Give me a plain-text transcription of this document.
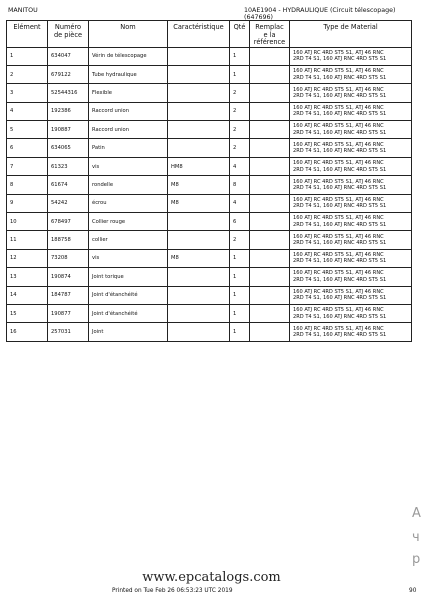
MANITOU	10AE1904 - HYDRAULIQUE (Circuit télescopage) (647696)
Elément	Numéro de pièce	Nom	Caractéristique	Qté	Remplac e la référence	Type de Material
1	634047	Vérin de télescopage		1		160 ATJ RC 4RD ST5 S1, ATJ 46 RNC
2RD T4 S1, 160 ATJ RNC 4RD ST5 S1

2	679122	Tube hydraulique		1		160 ATJ RC 4RD ST5 S1, ATJ 46 RNC
2RD T4 S1, 160 ATJ RNC 4RD ST5 S1

3	52544316	Flexible		2		160 ATJ RC 4RD ST5 S1, ATJ 46 RNC
2RD T4 S1, 160 ATJ RNC 4RD ST5 S1

4	192386	Raccord union		2		160 ATJ RC 4RD ST5 S1, ATJ 46 RNC
2RD T4 S1, 160 ATJ RNC 4RD ST5 S1

5	190887	Raccord union		2		160 ATJ RC 4RD ST5 S1, ATJ 46 RNC
2RD T4 S1, 160 ATJ RNC 4RD ST5 S1

6	634065	Patin		2		160 ATJ RC 4RD ST5 S1, ATJ 46 RNC
2RD T4 S1, 160 ATJ RNC 4RD ST5 S1

7	61323	vis	HM8	4		160 ATJ RC 4RD ST5 S1, ATJ 46 RNC
2RD T4 S1, 160 ATJ RNC 4RD ST5 S1

8	61674	rondelle	M8	8		160 ATJ RC 4RD ST5 S1, ATJ 46 RNC
2RD T4 S1, 160 ATJ RNC 4RD ST5 S1

9	54242	écrou	M8	4		160 ATJ RC 4RD ST5 S1, ATJ 46 RNC
2RD T4 S1, 160 ATJ RNC 4RD ST5 S1

10	678497	Collier rouge		6		160 ATJ RC 4RD ST5 S1, ATJ 46 RNC
2RD T4 S1, 160 ATJ RNC 4RD ST5 S1

11	188758	collier		2		160 ATJ RC 4RD ST5 S1, ATJ 46 RNC
2RD T4 S1, 160 ATJ RNC 4RD ST5 S1

12	73208	vis	M8	1		160 ATJ RC 4RD ST5 S1, ATJ 46 RNC
2RD T4 S1, 160 ATJ RNC 4RD ST5 S1

13	190874	Joint torique		1		160 ATJ RC 4RD ST5 S1, ATJ 46 RNC
2RD T4 S1, 160 ATJ RNC 4RD ST5 S1

14	184787	Joint d'étanchéité		1		160 ATJ RC 4RD ST5 S1, ATJ 46 RNC
2RD T4 S1, 160 ATJ RNC 4RD ST5 S1

15	190877	Joint d'étanchéité		1		160 ATJ RC 4RD ST5 S1, ATJ 46 RNC
2RD T4 S1, 160 ATJ RNC 4RD ST5 S1

16	257031	Joint		1		160 ATJ RC 4RD ST5 S1, ATJ 46 RNC
2RD T4 S1, 160 ATJ RNC 4RD ST5 S1
www.epcatalogs.com
Printed on Tue Feb 26 06:53:23 UTC 2019	90
A
ч
р
